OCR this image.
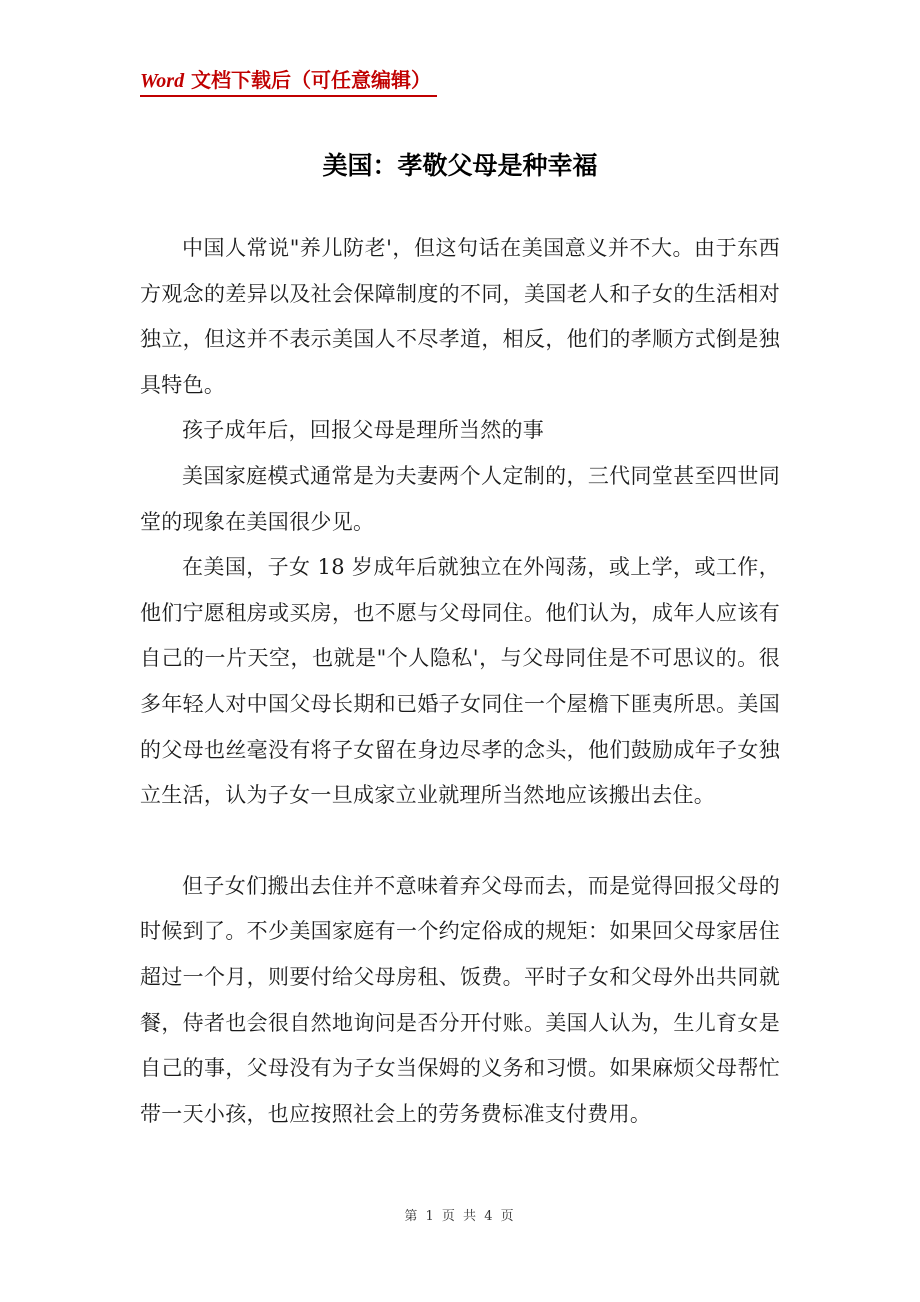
Word 文档下载后（可任意编辑）
美国：孝敬父母是种幸福

中国人常说"养儿防老'，但这句话在美国意义并不大。由于东西方观念的差异以及社会保障制度的不同，美国老人和子女的生活相对独立，但这并不表示美国人不尽孝道，相反，他们的孝顺方式倒是独具特色。

孩子成年后，回报父母是理所当然的事

美国家庭模式通常是为夫妻两个人定制的，三代同堂甚至四世同堂的现象在美国很少见。

在美国，子女 18 岁成年后就独立在外闯荡，或上学，或工作，他们宁愿租房或买房，也不愿与父母同住。他们认为，成年人应该有自己的一片天空，也就是"个人隐私'，与父母同住是不可思议的。很多年轻人对中国父母长期和已婚子女同住一个屋檐下匪夷所思。美国的父母也丝毫没有将子女留在身边尽孝的念头，他们鼓励成年子女独立生活，认为子女一旦成家立业就理所当然地应该搬出去住。

但子女们搬出去住并不意味着弃父母而去，而是觉得回报父母的时候到了。不少美国家庭有一个约定俗成的规矩：如果回父母家居住超过一个月，则要付给父母房租、饭费。平时子女和父母外出共同就餐，侍者也会很自然地询问是否分开付账。美国人认为，生儿育女是自己的事，父母没有为子女当保姆的义务和习惯。如果麻烦父母帮忙带一天小孩，也应按照社会上的劳务费标准支付费用。

第 1 页 共 4 页
